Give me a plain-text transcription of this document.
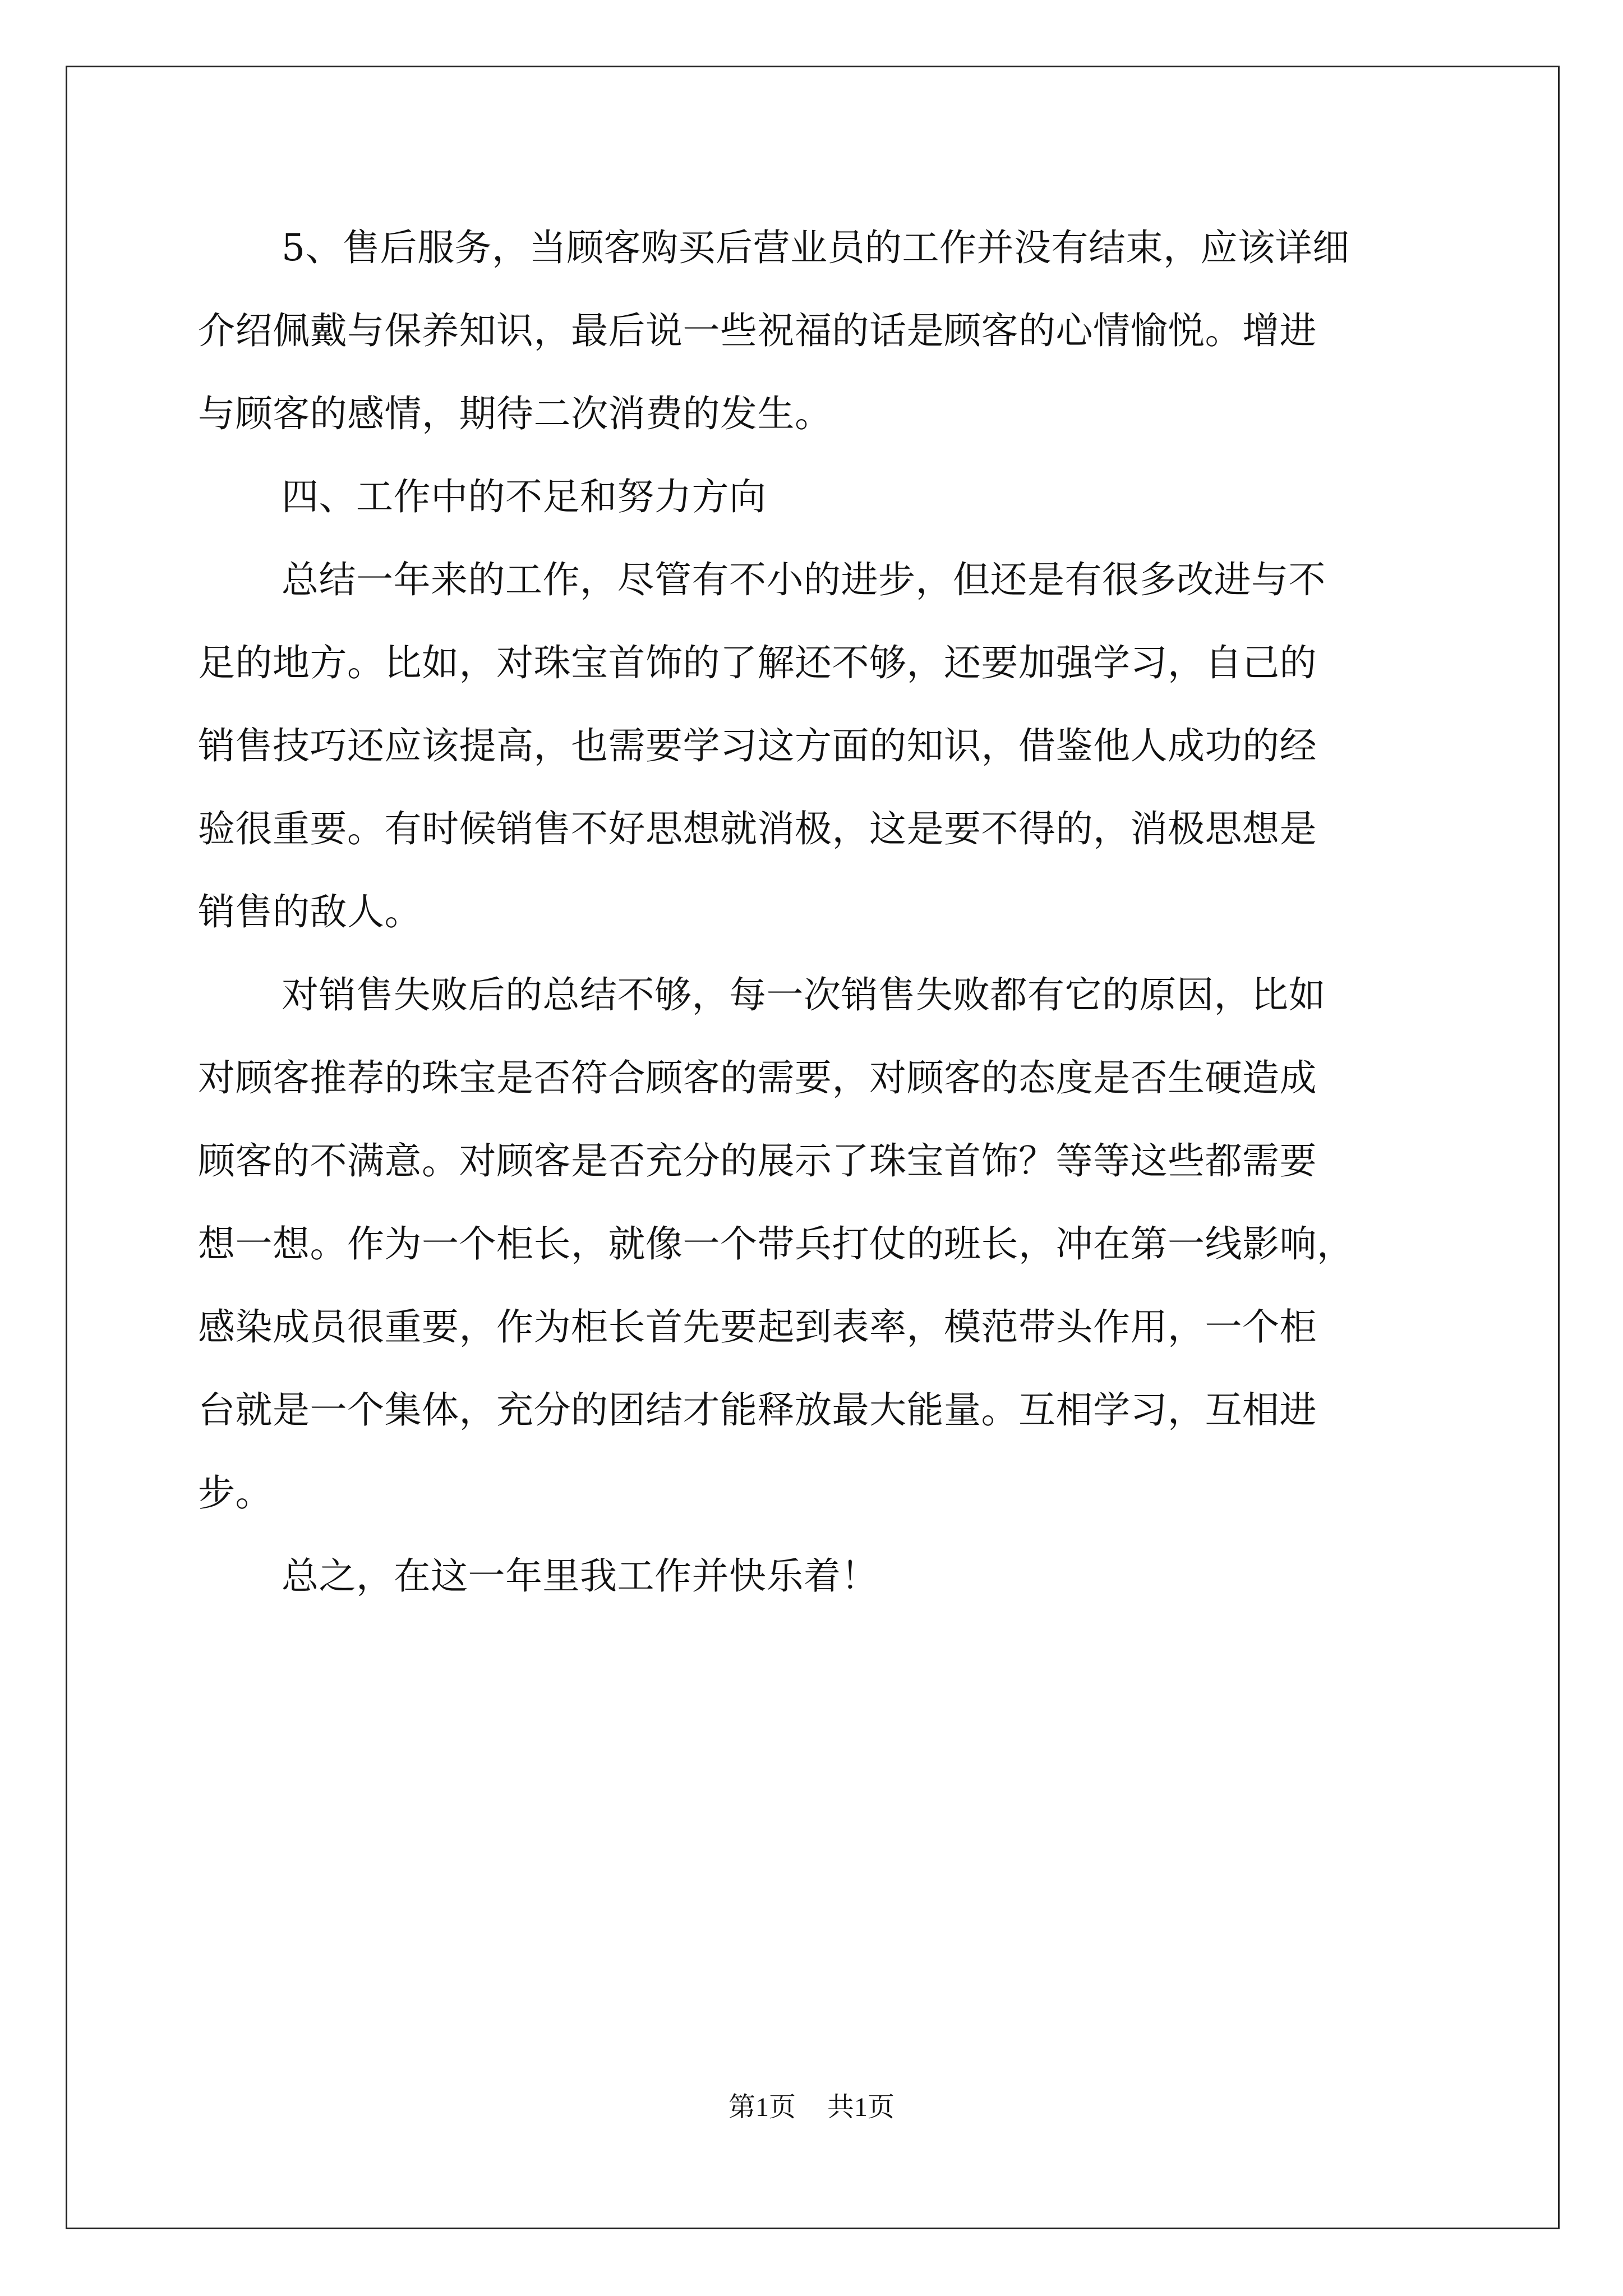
5、售后服务，当顾客购买后营业员的工作并没有结束，应该详细
介绍佩戴与保养知识，最后说一些祝福的话是顾客的心情愉悦。增进
与顾客的感情，期待二次消费的发生。
四、工作中的不足和努力方向
总结一年来的工作，尽管有不小的进步，但还是有很多改进与不
足的地方。比如，对珠宝首饰的了解还不够，还要加强学习，自己的
销售技巧还应该提高，也需要学习这方面的知识，借鉴他人成功的经
验很重要。有时候销售不好思想就消极，这是要不得的，消极思想是
销售的敌人。
对销售失败后的总结不够，每一次销售失败都有它的原因，比如
对顾客推荐的珠宝是否符合顾客的需要，对顾客的态度是否生硬造成
顾客的不满意。对顾客是否充分的展示了珠宝首饰？等等这些都需要
想一想。作为一个柜长，就像一个带兵打仗的班长，冲在第一线影响，
感染成员很重要，作为柜长首先要起到表率，模范带头作用，一个柜
台就是一个集体，充分的团结才能释放最大能量。互相学习，互相进
步。
总之，在这一年里我工作并快乐着！
第1页 共1页
